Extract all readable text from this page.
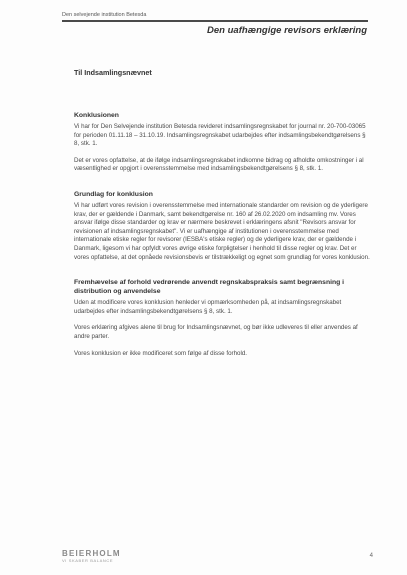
Den selvejende institution Betesda
Den uafhængige revisors erklæring
Til Indsamlingsnævnet
Konklusionen

Vi har for Den Selvejende institution Betesda revideret indsamlingsregnskabet for journal nr. 20-700-03065 for perioden 01.11.18 – 31.10.19. Indsamlingsregnskabet udarbejdes efter indsamlingsbekendtgørelsens § 8, stk. 1.

Det er vores opfattelse, at de ifølge indsamlingsregnskabet indkomne bidrag og afholdte omkostninger i al væsentlighed er opgjort i overensstemmelse med indsamlingsbekendtgørelsens § 8, stk. 1.

Grundlag for konklusion

Vi har udført vores revision i overensstemmelse med internationale standarder om revision og de yderligere krav, der er gældende i Danmark, samt bekendtgørelse nr. 160 af 26.02.2020 om indsamling mv. Vores ansvar ifølge disse standarder og krav er nærmere beskrevet i erklæringens afsnit "Revisors ansvar for revisionen af indsamlingsregnskabet". Vi er uafhængige af institutionen i overensstemmelse med internationale etiske regler for revisorer (IESBA's etiske regler) og de yderligere krav, der er gældende i Danmark, ligesom vi har opfyldt vores øvrige etiske forpligtelser i henhold til disse regler og krav. Det er vores opfattelse, at det opnåede revisionsbevis er tilstrækkeligt og egnet som grundlag for vores konklusion.

Fremhævelse af forhold vedrørende anvendt regnskabspraksis samt begrænsning i distribution og anvendelse

Uden at modificere vores konklusion henleder vi opmærksomheden på, at indsamlingsregnskabet udarbejdes efter indsamlingsbekendtgørelsens § 8, stk. 1.

Vores erklæring afgives alene til brug for Indsamlingsnævnet, og bør ikke udleveres til eller anvendes af andre parter.

Vores konklusion er ikke modificeret som følge af disse forhold.

BEIERHOLM
VI SKABER BALANCE
4
